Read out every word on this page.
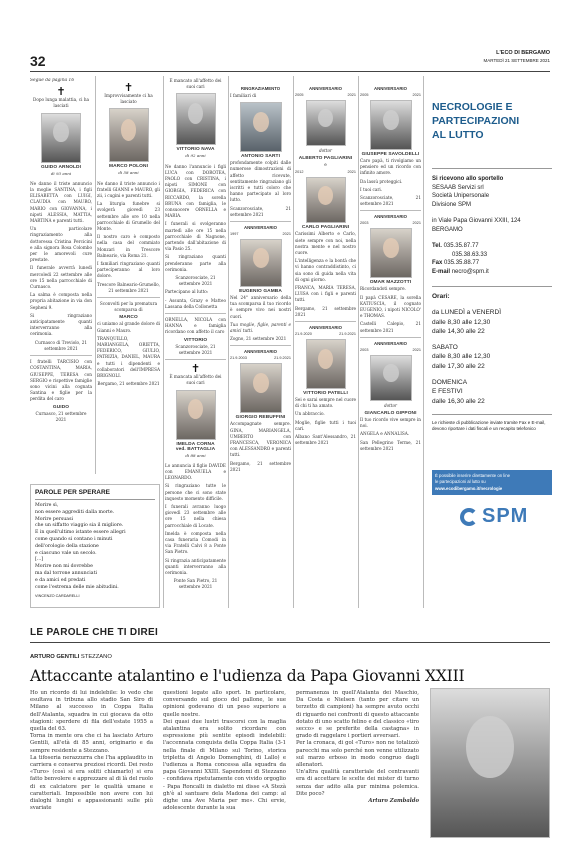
32	L'ECO DI BERGAMO
MARTEDÌ 21 SETTEMBRE 2021

Segue da pagina 16

✝

Dopo lunga malattia, ci ha lasciati

GUIDO ARNOLDI
di 93 anni

Ne danno il triste annuncio la moglie SANTINA, i figli ELISABETTA con LUIGI, CLAUDIA con MAURO, MARIO con GIOVANNA, i nipoti ALESSIA, MATTIA, MARTINA e parenti tutti.

Un particolare ringraziamento alla dottoressa Cristina Percicini e alla signora Rosa Colombo per le amorevoli cure prestate.

Il funerale avverrà lunedì mercoledì 22 settembre alle ore 15 nella parrocchiale di Curnasco.

La salma è composta nella propria abitazione in via don Sepheni 9.

Si ringraziano anticipatamente quanti interverranno alla cerimonia.

Curnasco di Treviolo, 21 settembre 2021

I fratelli TARCISIO con COSTANTINA, MARIA, GIUSEPPE, TERESA con SERGIO e rispettive famiglie sono vicini alla cognata Santina e figlie per la perdita del caro

GUIDO

Curnasco, 21 settembre 2021

✝

Improvvisamente ci ha lasciato

MARCO POLONI
di 58 anni

Ne danno il triste annuncio i fratelli GIANNI e MAURO, gli zii, i cugini e parenti tutti.

La liturgia funebre si svolgerà giovedì 23 settembre alle ore 10 nella parrocchiale di Grumello del Monte.

Il nostro caro è composto nella casa del commiato Monzari in Trescore Balneario, via Roma 21.

I familiari ringraziano quanti parteciperanno al loro dolore.

Trescore Balneario-Grumello, 21 settembre 2021

Sconvolti per la prematura scomparsa di

MARCO

ci uniamo al grande dolore di Gianni e Mauro.

TRANQUILLO, MARIANGELA, ORIETTA, FEDERICO, GIULIO, PATRIZIA, DANIEL, MAURA e tutti i dipendenti e collaboratori dell'IMPRESA BRIGNOLI.

Bergamo, 21 settembre 2021

PAROLE PER SPERARE
Morire sì,
non essere aggrediti dalla morte.
Morire persuasi
che un siffatto viaggio sia il migliore.
E in quell'ultimo istante essere allegri
come quando si contano i minuti
dell'orologio della stazione
e ciascuno vale un secolo.
[...]
Morire non mi dovrebbe
ma dal torrone annunciati
e da amici ed predati
come l'estrema delle mie abitudini.
VINCENZO CARDARELLI

È mancato all'affetto dei suoi cari

VITTORIO NAVA
di 92 anni

Ne danno l'annuncio i figli LUCA con DOROTEA, PAOLO con CRISTINA, i nipoti SIMONE con GIORGIA, FEDERICA con RICCARDO, la sorella BRUNA con famiglia, le consuocere ORNELLA e MARIA.

I funerali si svolgeranno martedì alle ore 15 nella parrocchiale di Nagnone, partendo dall'abitazione di via Pasio 25.

Si ringraziano quanti prenderanno parte alla cerimonia.

Scanzorosciate, 21 settembre 2021

Partecipano al lutto:

- Assunta, Grazy e Matteo Lassana della Collonetta

ORNELLA, NICOLA con HANNA e famiglia ricordano con affetto il caro

VITTORIO

Scanzorosciate, 21 settembre 2021

✝

È mancata all'affetto dei suoi cari

IMELDA CORNA
ved. BATTAGLIA
di 88 anni

Lo annuncia il figlio DAVIDE con EMANUELA e LEONARDO.

Si ringraziano tutte le persone che ci sono state inquesto momento difficile.

I funerali avranno luogo giovedì 23 settembre alle ore 15 nella chiesa parrocchiale di Locate.

Imelda è composta nella casa funeraria Comodi in via Fratelli Calvi 8 a Ponte San Pietro.

Si ringrazia anticipatamente quanti interverranno alla cerimonia.

Ponte San Pietro, 21 settembre 2021

RINGRAZIAMENTO

I familiari di

ANTONIO SARTI

profondamente colpiti dalle numerose dimostrazioni di affetto ricevute, sentitamente ringraziano gli iscritti e tutti coloro che hanno partecipato al loro lutto.

Scanzorosciate, 21 settembre 2021

ANNIVERSARIO
1997	2021
EUGENIO GAMBA

Nel 24° anniversario della tua scomparsa il tuo ricordo è sempre vivo nei nostri cuori.

Tua moglie, figlie, parenti e amici tutti.

Zogno, 21 settembre 2021

ANNIVERSARIO
21.9.2003	21.9.2021
GIORGIO REBUFFINI

Accompagnate sempre. GINA, MARIANGELA, UMBERTO con FRANCESCA, VERONICA con ALESSANDRO e parenti tutti.

Bergamo, 21 settembre 2021

ANNIVERSARIO
2005	2021

dottor

ALBERTO PAGLIARINI

e

2012	2021
CARLO PAGLIARINI

Carissimi Alberto e Carlo, siete sempre con noi, nella nostra mente e nel nostro cuore.

L'intelligenza e la bontà che vi hanno contraddistinto, ci sia sono di guida nella vita di ogni giorno.

FRANCA, MARIA TERESA, LUISA con i figli e parenti tutti.

Bergamo, 21 settembre 2021

ANNIVERSARIO
21.9.2020	21.9.2021
VITTORIO PATELLI

Sei e sarai sempre nel cuore di chi ti ha amato.

Un abbraccio.

Moglie, figlie tutti i tuoi cari.

Albano Sant'Alessandro, 21 settembre 2021

ANNIVERSARIO
2005	2021
GIUSEPPE SAVOLDELLI

Caro papà, ti rivolgiamo un pensiero ed un ricordo con infinito amore.

Da lassù proteggici.

I tuoi cari.

Scanzorosciate, 21 settembre 2021

ANNIVERSARIO
2003	2021
OMAR MAZZOTTI

Ricordandoti sempre.

Il papà CESARE, la sorella KATIUSCIA, il cognato EUGENIO, i nipoti NICOLO' e THOMAS.

Castelli Calepio, 21 settembre 2021

ANNIVERSARIO
2003	2021

dottor

GIANCARLO GIPPONI

Il tuo ricordo vive sempre in noi.

ANGELA e ANNALISA.

San Pellegrino Terme, 21 settembre 2021

NECROLOGIE E
PARTECIPAZIONI
AL LUTTO
Si ricevono allo sportello
SESAAB Servizi srl
Società Unipersonale
Divisione SPM
in Viale Papa Giovanni XXIII, 124
BERGAMO
Tel. 035.35.87.77
035.38.63.33
Fax 035.35.88.77
E-mail necro@spm.it
Orari:
da LUNEDÌ a VENERDÌ
dalle 8,30 alle 12,30
dalle 14,30 alle 22
SABATO
dalle 8,30 alle 12,30
dalle 17,30 alle 22
DOMENICA
E FESTIVI
dalle 16,30 alle 22
Le richieste di pubblicazione inviate tramite Fax e E-mail, devono riportare i dati fiscali e un recapito telefonico
È possibile inserire direttamente on line
le partecipazioni al lutto su
www.ecodibergamo.it/necrologie
SPM
LE PAROLE CHE TI DIREI
ARTURO GENTILI STEZZANO
Attaccante atalantino e l'udienza da Papa Giovanni XXIII

Ho un ricordo di lui indelebile: lo vedo che esultava in tribuna allo stadio San Siro di Milano al successo in Coppa Italia dell'Atalanta, squadra in cui giocava da otto stagioni: sperdere di fila dell'estate 1955 a quella del 63.

Torna in mente ora che ci ha lasciato Arturo Gentili, all'età di 85 anni, originario e da sempre residente a Stezzano.

La tifoseria nerazzurra che l'ha applaudito in carriera e conserva preziosi ricordi. Dei resto «Turo» (così si era soliti chiamarlo) si era fatto benvolere e apprezzare al di là del ruolo di ex calciatore per le qualità umane e caratteriali. Impossibile non avere con lui dialoghi lunghi e appassionanti sulle più svariate

questioni legate allo sport. In particolare, conversando sul gioco del pallone, le sue opinioni godevano di un peso superiore a quelle nostre.

Dei quasi due lustri trascorsi con la maglia atalantina era solito ricordare con espressione più sentite episodi indelebili: l'accennata conquista della Coppa Italia (3-1 nella finale di Milano sul Torino, storica tripletta di Angelo Domenghini, di Lallo) e l'udienza a Roma concessa alla squadra da papa Giovanni XXIII. Sapendomi di Stezzano - confidava ripetutamente con vivido orgoglio - Papa Roncalli in dialetto mi disse «A Stezà gh'è al santuare dela Madona dei camp: al dighe una Ave Maria per me». Chi ervie, adolescente durante la sua

permanenza in quell'Atalanta dei Maschio, Da Costa e Nielsen (tanto per citare un terzetto di campioni) ha sempre avuto occhi di riguardo nei confronti di questo attaccante dotato di uno scatto felino e del classico «tiro secco» e se preferite della castagna» in grado di raggelare i portieri avversari.

Per la cronaca, di gol «Turo» non ne totalizzò parecchi ma solo perché non venne utilizzato sul marzo erboso in modo congruo dagli allenatori.

Un'altra qualità caratteriale del centravanti era di accettare le scelte dei mister di turno senza dar adito alla pur minima polemica. Dite poco?

Arturo Zambaldo
